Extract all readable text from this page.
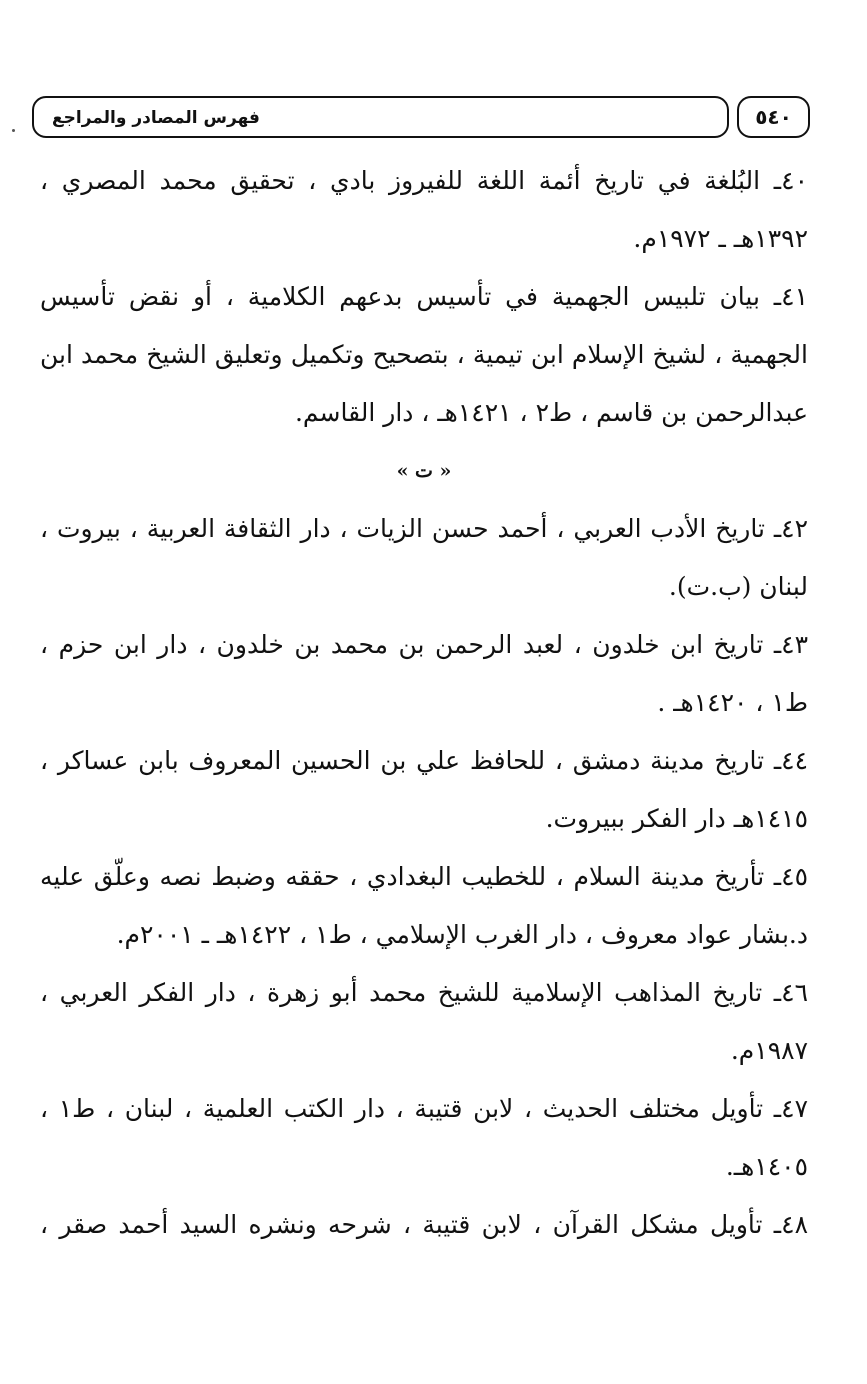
فهرس المصادر والمراجع	٥٤٠
٤٠ـ البُلغة في تاريخ أئمة اللغة للفيروز بادي ، تحقيق محمد المصري ،
١٣٩٢هـ ـ ١٩٧٢م.
٤١ـ بيان تلبيس الجهمية في تأسيس بدعهم الكلامية ، أو نقض تأسيس
الجهمية ، لشيخ الإسلام ابن تيمية ، بتصحيح وتكميل وتعليق الشيخ محمد ابن
عبدالرحمن بن قاسم ، ط٢ ، ١٤٢١هـ ، دار القاسم.
« ت »
٤٢ـ تاريخ الأدب العربي ، أحمد حسن الزيات ، دار الثقافة العربية ، بيروت ،
لبنان (ب.ت).
٤٣ـ تاريخ ابن خلدون ، لعبد الرحمن بن محمد بن خلدون ، دار ابن حزم ،
ط١ ، ١٤٢٠هـ .
٤٤ـ تاريخ مدينة دمشق ، للحافظ علي بن الحسين المعروف بابن عساكر ،
١٤١٥هـ دار الفكر ببيروت.
٤٥ـ تأريخ مدينة السلام ، للخطيب البغدادي ، حققه وضبط نصه وعلّق عليه
د.بشار عواد معروف ، دار الغرب الإسلامي ، ط١ ، ١٤٢٢هـ ـ ٢٠٠١م.
٤٦ـ تاريخ المذاهب الإسلامية للشيخ محمد أبو زهرة ، دار الفكر العربي ،
١٩٨٧م.
٤٧ـ تأويل مختلف الحديث ، لابن قتيبة ، دار الكتب العلمية ، لبنان ، ط١ ،
١٤٠٥هـ.
٤٨ـ تأويل مشكل القرآن ، لابن قتيبة ، شرحه ونشره السيد أحمد صقر ،
